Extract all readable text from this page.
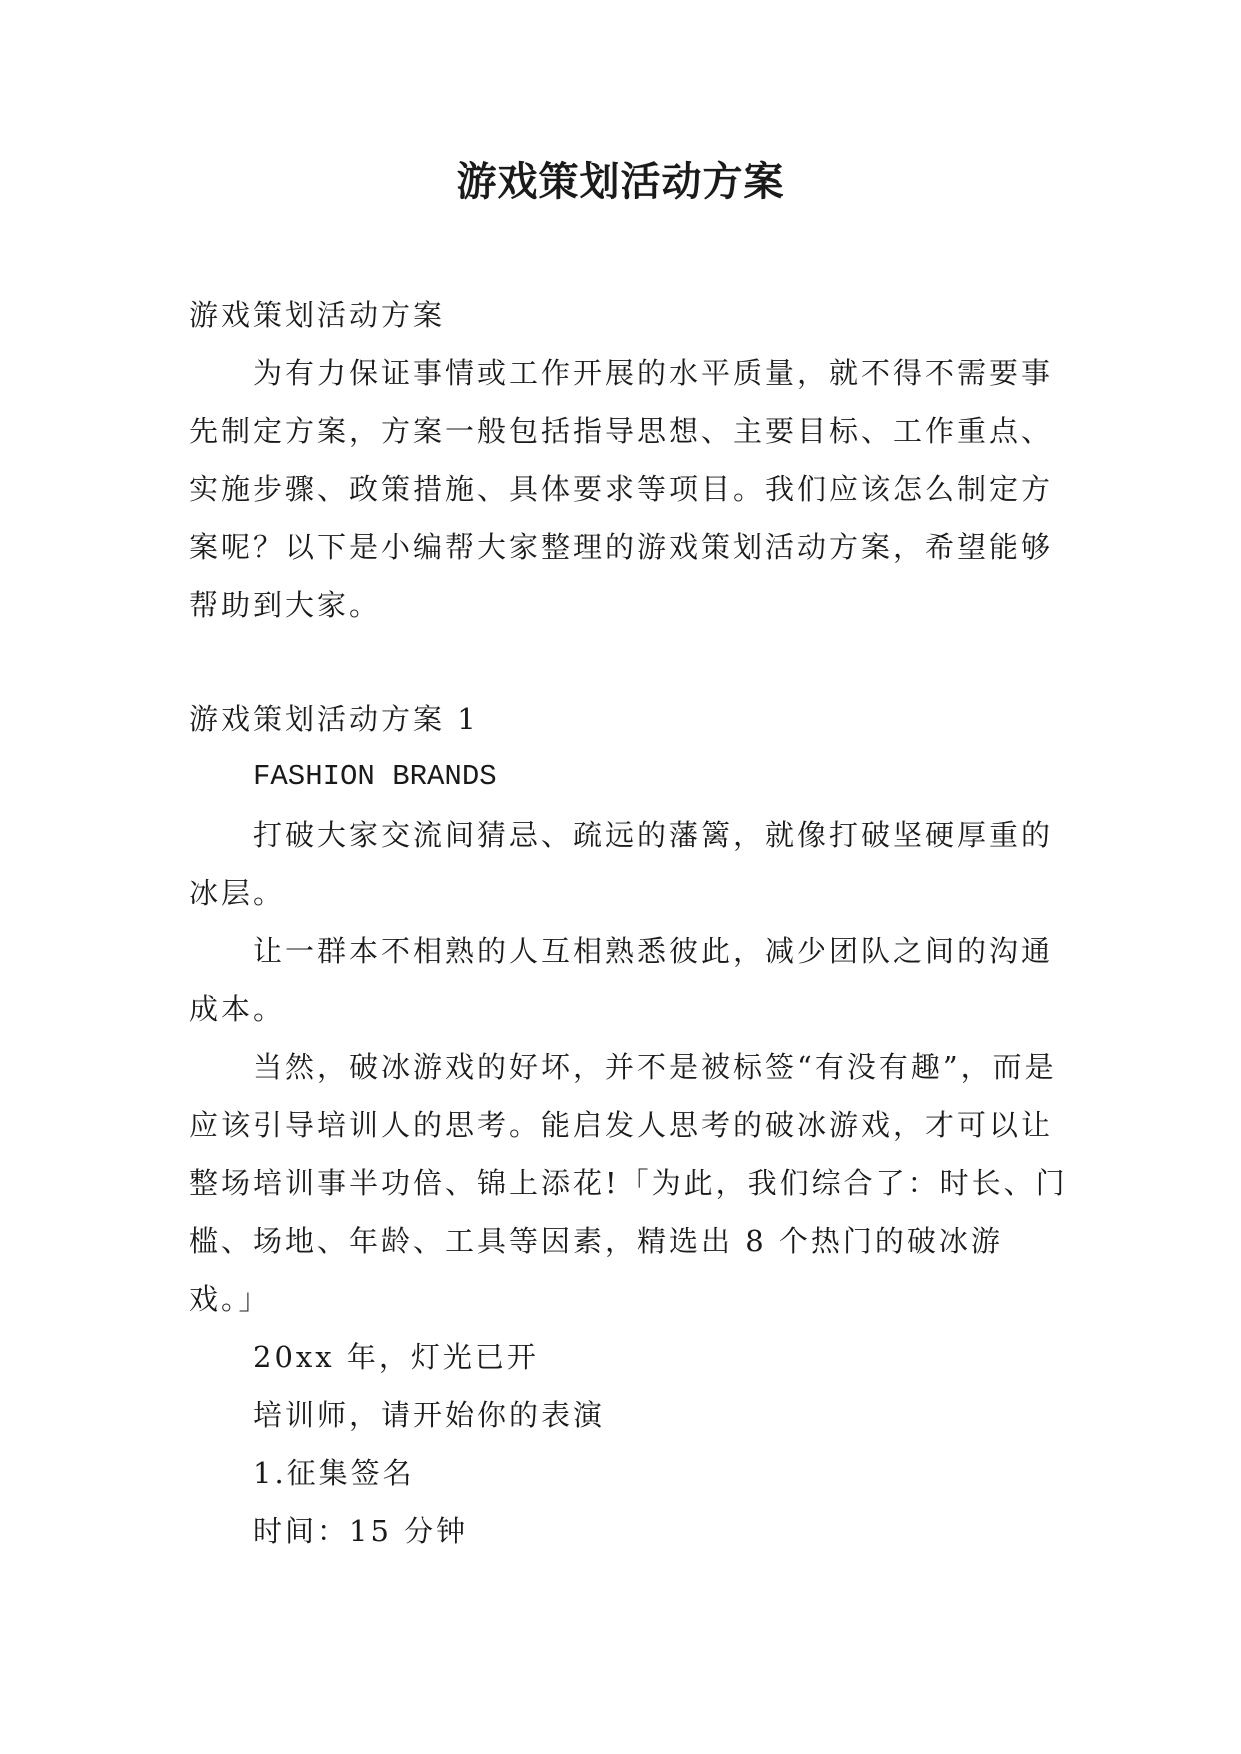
游戏策划活动方案

游戏策划活动方案

为有力保证事情或工作开展的水平质量，就不得不需要事先制定方案，方案一般包括指导思想、主要目标、工作重点、实施步骤、政策措施、具体要求等项目。我们应该怎么制定方案呢？以下是小编帮大家整理的游戏策划活动方案，希望能够帮助到大家。

游戏策划活动方案 1

FASHION BRANDS

打破大家交流间猜忌、疏远的藩篱，就像打破坚硬厚重的冰层。

让一群本不相熟的人互相熟悉彼此，减少团队之间的沟通成本。

当然，破冰游戏的好坏，并不是被标签“有没有趣”，而是应该引导培训人的思考。能启发人思考的破冰游戏，才可以让整场培训事半功倍、锦上添花!「为此，我们综合了：时长、门槛、场地、年龄、工具等因素，精选出 8 个热门的破冰游戏。」

20xx 年，灯光已开

培训师，请开始你的表演

1.征集签名

时间：15 分钟
